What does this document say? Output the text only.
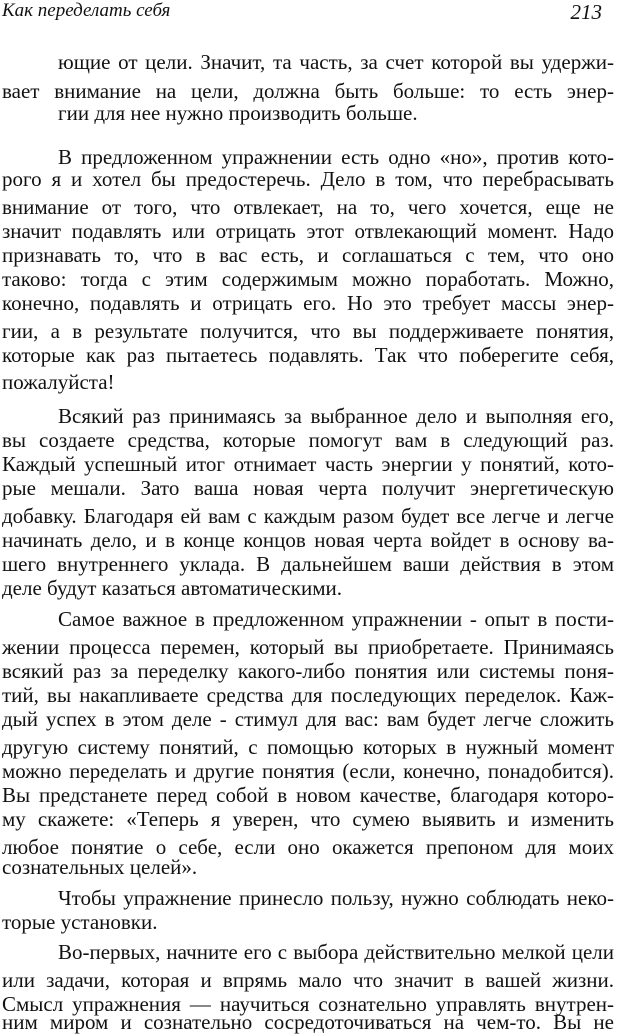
Как переделать себя	213
ющие от цели. Значит, та часть, за счет которой вы удержи-
вает внимание на цели, должна быть больше: то есть энер-
гии для нее нужно производить больше.
В предложенном упражнении есть одно «но», против кото-
рого я и хотел бы предостеречь. Дело в том, что перебрасывать
внимание от того, что отвлекает, на то, чего хочется, еще не
значит подавлять или отрицать этот отвлекающий момент. Надо
признавать то, что в вас есть, и соглашаться с тем, что оно
таково: тогда с этим содержимым можно поработать. Можно,
конечно, подавлять и отрицать его. Но это требует массы энер-
гии, а в результате получится, что вы поддерживаете понятия,
которые как раз пытаетесь подавлять. Так что поберегите себя,
пожалуйста!
Всякий раз принимаясь за выбранное дело и выполняя его,
вы создаете средства, которые помогут вам в следующий раз.
Каждый успешный итог отнимает часть энергии у понятий, кото-
рые мешали. Зато ваша новая черта получит энергетическую
добавку. Благодаря ей вам с каждым разом будет все легче и легче
начинать дело, и в конце концов новая черта войдет в основу ва-
шего внутреннего уклада. В дальнейшем ваши действия в этом
деле будут казаться автоматическими.
Самое важное в предложенном упражнении - опыт в пости-
жении процесса перемен, который вы приобретаете. Принимаясь
всякий раз за переделку какого-либо понятия или системы поня-
тий, вы накапливаете средства для последующих переделок. Каж-
дый успех в этом деле - стимул для вас: вам будет легче сложить
другую систему понятий, с помощью которых в нужный момент
можно переделать и другие понятия (если, конечно, понадобится).
Вы предстанете перед собой в новом качестве, благодаря которо-
му скажете: «Теперь я уверен, что сумею выявить и изменить
любое понятие о себе, если оно окажется препоном для моих
сознательных целей».
Чтобы упражнение принесло пользу, нужно соблюдать неко-
торые установки.
Во-первых, начните его с выбора действительно мелкой цели
или задачи, которая и впрямь мало что значит в вашей жизни.
Смысл упражнения — научиться сознательно управлять внутрен-
ним миром и сознательно сосредоточиваться на чем-то. Вы не
